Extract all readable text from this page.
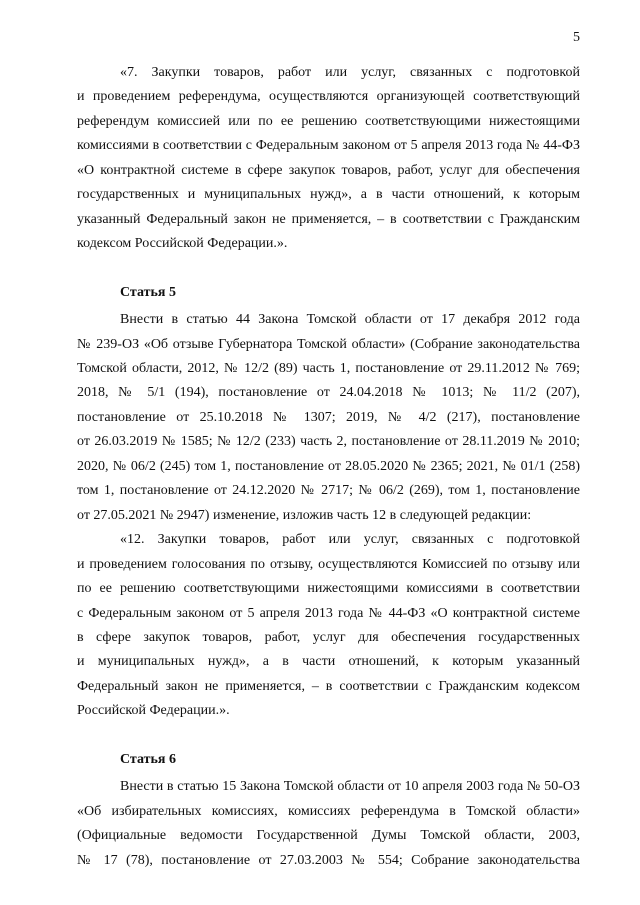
5
«7. Закупки товаров, работ или услуг, связанных с подготовкой
и проведением референдума, осуществляются организующей соответствующий
референдум комиссией или по ее решению соответствующими нижестоящими
комиссиями в соответствии с Федеральным законом от 5 апреля 2013 года № 44-ФЗ
«О контрактной системе в сфере закупок товаров, работ, услуг для обеспечения
государственных и муниципальных нужд», а в части отношений, к которым
указанный Федеральный закон не применяется, – в соответствии с Гражданским
кодексом Российской Федерации.».
Статья 5
Внести в статью 44 Закона Томской области от 17 декабря 2012 года
№ 239-ОЗ «Об отзыве Губернатора Томской области» (Собрание законодательства
Томской области, 2012, № 12/2 (89) часть 1, постановление от 29.11.2012 № 769;
2018, № 5/1 (194), постановление от 24.04.2018 № 1013; № 11/2 (207),
постановление от 25.10.2018 № 1307; 2019, № 4/2 (217), постановление
от 26.03.2019 № 1585; № 12/2 (233) часть 2, постановление от 28.11.2019 № 2010;
2020, № 06/2 (245) том 1, постановление от 28.05.2020 № 2365; 2021, № 01/1 (258)
том 1, постановление от 24.12.2020 № 2717; № 06/2 (269), том 1, постановление
от 27.05.2021 № 2947) изменение, изложив часть 12 в следующей редакции:
«12. Закупки товаров, работ или услуг, связанных с подготовкой
и проведением голосования по отзыву, осуществляются Комиссией по отзыву или
по ее решению соответствующими нижестоящими комиссиями в соответствии
с Федеральным законом от 5 апреля 2013 года № 44-ФЗ «О контрактной системе
в сфере закупок товаров, работ, услуг для обеспечения государственных
и муниципальных нужд», а в части отношений, к которым указанный
Федеральный закон не применяется, – в соответствии с Гражданским кодексом
Российской Федерации.».
Статья 6
Внести в статью 15 Закона Томской области от 10 апреля 2003 года № 50-ОЗ
«Об избирательных комиссиях, комиссиях референдума в Томской области»
(Официальные ведомости Государственной Думы Томской области, 2003,
№ 17 (78), постановление от 27.03.2003 № 554; Собрание законодательства
